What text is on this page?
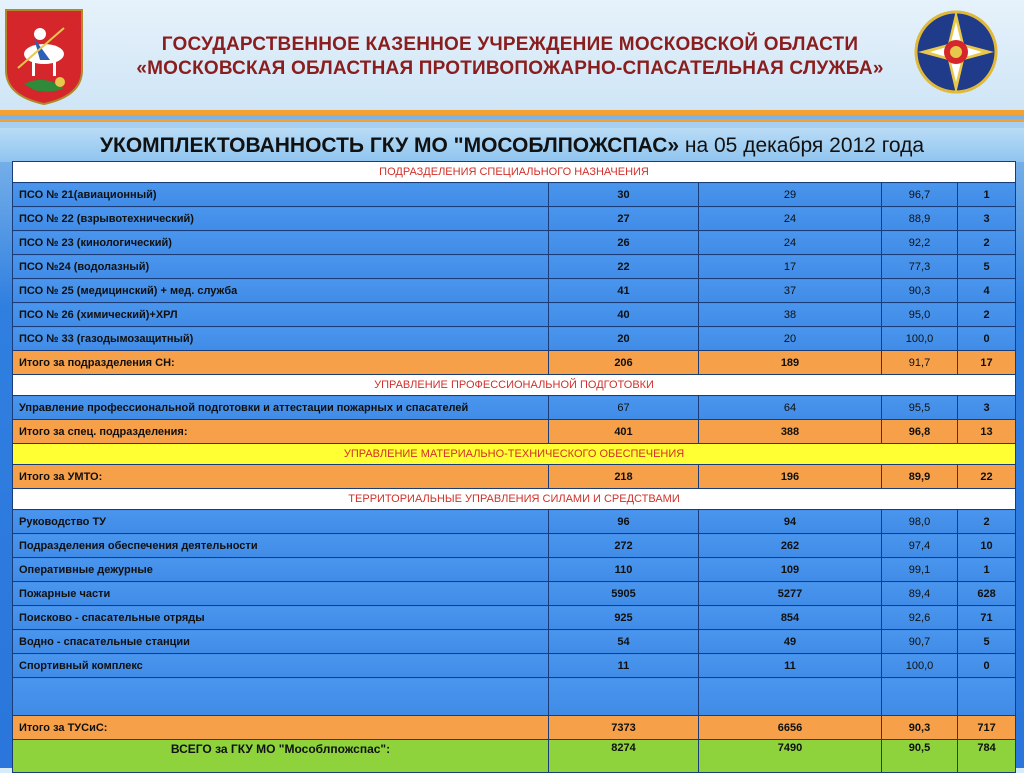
ГОСУДАРСТВЕННОЕ КАЗЕННОЕ УЧРЕЖДЕНИЕ МОСКОВСКОЙ ОБЛАСТИ
«МОСКОВСКАЯ ОБЛАСТНАЯ ПРОТИВОПОЖАРНО-СПАСАТЕЛЬНАЯ СЛУЖБА»
УКОМПЛЕКТОВАННОСТЬ ГКУ МО "МОСОБЛПОЖСПАС» на 05 декабря 2012 года
ПОДРАЗДЕЛЕНИЯ СПЕЦИАЛЬНОГО НАЗНАЧЕНИЯ				
ПСО № 21(авиационный)	30	29	96,7	1
ПСО № 22 (взрывотехнический)	27	24	88,9	3
ПСО № 23 (кинологический)	26	24	92,2	2
ПСО №24 (водолазный)	22	17	77,3	5
ПСО № 25 (медицинский) + мед. служба	41	37	90,3	4
ПСО № 26 (химический)+ХРЛ	40	38	95,0	2
ПСО № 33 (газодымозащитный)	20	20	100,0	0
Итого за подразделения СН:	206	189	91,7	17
УПРАВЛЕНИЕ ПРОФЕССИОНАЛЬНОЙ ПОДГОТОВКИ				
Управление профессиональной подготовки и аттестации пожарных и спасателей	67	64	95,5	3
Итого за спец. подразделения:	401	388	96,8	13
УПРАВЛЕНИЕ МАТЕРИАЛЬНО-ТЕХНИЧЕСКОГО ОБЕСПЕЧЕНИЯ				
Итого за УМТО:	218	196	89,9	22
ТЕРРИТОРИАЛЬНЫЕ УПРАВЛЕНИЯ СИЛАМИ И СРЕДСТВАМИ				
Руководство ТУ	96	94	98,0	2
Подразделения обеспечения деятельности	272	262	97,4	10
Оперативные дежурные	110	109	99,1	1
Пожарные части	5905	5277	89,4	628
Поисково - спасательные отряды	925	854	92,6	71
Водно - спасательные станции	54	49	90,7	5
Спортивный комплекс	11	11	100,0	0

Итого за ТУСиС:	7373	6656	90,3	717
ВСЕГО за ГКУ МО "Мособлпожспас":	8274	7490	90,5	784
